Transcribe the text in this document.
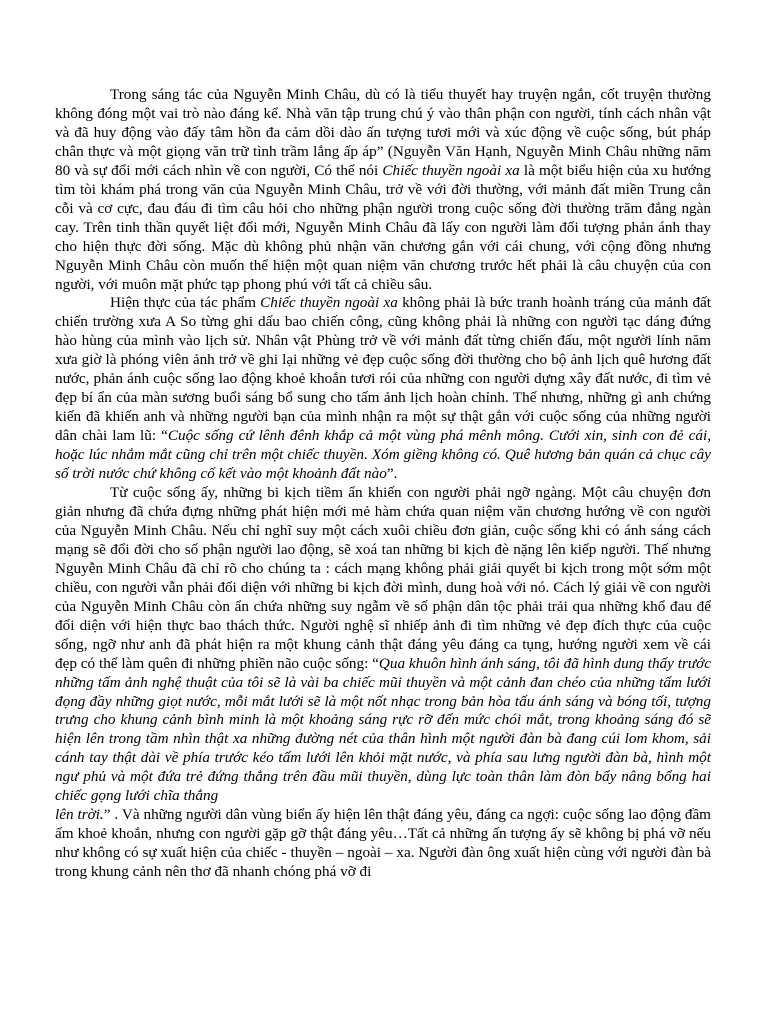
Trong sáng tác của Nguyễn Minh Châu, dù có là tiểu thuyết hay truyện ngắn, cốt truyện thường không đóng một vai trò nào đáng kể. Nhà văn tập trung chú ý vào thân phận con người, tính cách nhân vật và đã huy động vào đấy tâm hồn đa cảm dồi dào ấn tượng tươi mới và xúc động về cuộc sống, bút pháp chân thực và một giọng văn trữ tình trầm lắng ấp áp” (Nguyễn Văn Hạnh, Nguyễn Minh Châu những năm 80 và sự đổi mới cách nhìn về con người, Có thể nói Chiếc thuyền ngoài xa là một biểu hiện của xu hướng tìm tòi khám phá trong văn của Nguyễn Minh Châu, trở về với đời thường, với mảnh đất miền Trung cằn cỗi và cơ cực, đau đáu đi tìm câu hỏi cho những phận người trong cuộc sống đời thường trăm đắng ngàn cay. Trên tinh thần quyết liệt đổi mới, Nguyễn Minh Châu đã lấy con người làm đối tượng phản ánh thay cho hiện thực đời sống. Mặc dù không phủ nhận văn chương gắn với cái chung, với cộng đồng nhưng Nguyễn Minh Châu còn muốn thể hiện một quan niệm văn chương trước hết phải là câu chuyện của con người, với muôn mặt phức tạp phong phú với tất cả chiều sâu.

Hiện thực của tác phẩm Chiếc thuyền ngoài xa không phải là bức tranh hoành tráng của mảnh đất chiến trường xưa A So từng ghi dấu bao chiến công, cũng không phải là những con người tạc dáng đứng hào hùng của mình vào lịch sử. Nhân vật Phùng trở về với mảnh đất từng chiến đấu, một người lính năm xưa giờ là phóng viên ảnh trở về ghi lại những vẻ đẹp cuộc sống đời thường cho bộ ảnh lịch quê hương đất nước, phản ánh cuộc sống lao động khoẻ khoắn tươi rói của những con người dựng xây đất nước, đi tìm vẻ đẹp bí ẩn của màn sương buổi sáng bổ sung cho tấm ảnh lịch hoàn chỉnh. Thế nhưng, những gì anh chứng kiến đã khiến anh và những người bạn của mình nhận ra một sự thật gắn với cuộc sống của những người dân chài lam lũ: “Cuộc sống cứ lênh đênh khắp cả một vùng phá mênh mông. Cưới xin, sinh con đẻ cái, hoặc lúc nhắm mắt cũng chỉ trên một chiếc thuyền. Xóm giềng không có. Quê hương bản quán cả chục cây số trời nước chứ không cố kết vào một khoảnh đất nào”.

Từ cuộc sống ấy, những bi kịch tiềm ẩn khiến con người phải ngỡ ngàng. Một câu chuyện đơn giản nhưng đã chứa đựng những phát hiện mới mẻ hàm chứa quan niệm văn chương hướng về con người của Nguyễn Minh Châu. Nếu chỉ nghĩ suy một cách xuôi chiều đơn giản, cuộc sống khi có ánh sáng cách mạng sẽ đổi đời cho số phận người lao động, sẽ xoá tan những bi kịch đè nặng lên kiếp người. Thế nhưng Nguyễn Minh Châu đã chỉ rõ cho chúng ta : cách mạng không phải giải quyết bi kịch trong một sớm một chiều, con người vẫn phải đối diện với những bi kịch đời mình, dung hoà với nó. Cách lý giải về con người của Nguyễn Minh Châu còn ẩn chứa những suy ngẫm về số phận dân tộc phải trải qua những khổ đau để đối diện với hiện thực bao thách thức. Người nghệ sĩ nhiếp ảnh đi tìm những vẻ đẹp đích thực của cuộc sống, ngỡ như anh đã phát hiện ra một khung cảnh thật đáng yêu đáng ca tụng, hướng người xem về cái đẹp có thể làm quên đi những phiền não cuộc sống: “Qua khuôn hình ánh sáng, tôi đã hình dung thấy trước những tấm ảnh nghệ thuật của tôi sẽ là vài ba chiếc mũi thuyền và một cảnh đan chéo của những tấm lưới đọng đầy những giọt nước, mỗi mắt lưới sẽ là một nốt nhạc trong bản hòa tấu ánh sáng và bóng tối, tượng trưng cho khung cảnh bình minh là một khoảng sáng rực rỡ đến mức chói mắt, trong khoảng sáng đó sẽ hiện lên trong tầm nhìn thật xa những đường nét của thân hình một người đàn bà đang cúi lom khom, sải cánh tay thật dài về phía trước kéo tấm lưới lên khỏi mặt nước, và phía sau lưng người đàn bà, hình một ngư phủ và một đứa trẻ đứng thẳng trên đầu mũi thuyền, dùng lực toàn thân làm đòn bẩy nâng bổng hai chiếc gọng lưới chĩa thẳng

lên trời.” . Và những người dân vùng biển ấy hiện lên thật đáng yêu, đáng ca ngợi: cuộc sống lao động đầm ấm khoẻ khoắn, nhưng con người gặp gỡ thật đáng yêu…Tất cả những ấn tượng ấy sẽ không bị phá vỡ nếu như không có sự xuất hiện của chiếc - thuyền – ngoài – xa. Người đàn ông xuất hiện cùng với người đàn bà trong khung cảnh nên thơ đã nhanh chóng phá vỡ đi
